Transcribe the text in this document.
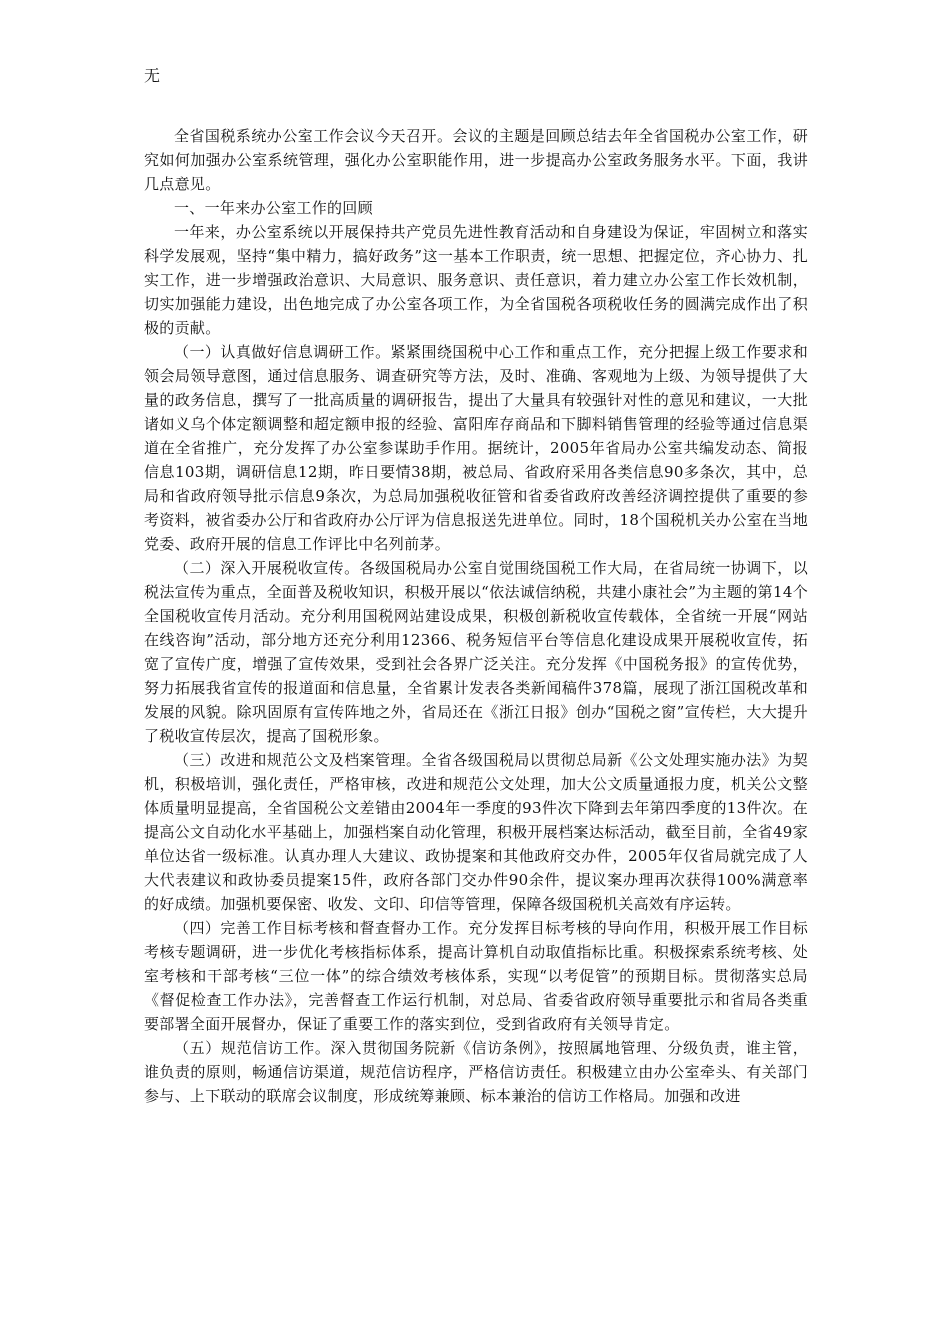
无

全省国税系统办公室工作会议今天召开。会议的主题是回顾总结去年全省国税办公室工作，研究如何加强办公室系统管理，强化办公室职能作用，进一步提高办公室政务服务水平。下面，我讲几点意见。

一、一年来办公室工作的回顾

一年来，办公室系统以开展保持共产党员先进性教育活动和自身建设为保证，牢固树立和落实科学发展观，坚持“集中精力，搞好政务”这一基本工作职责，统一思想、把握定位，齐心协力、扎实工作，进一步增强政治意识、大局意识、服务意识、责任意识，着力建立办公室工作长效机制，切实加强能力建设，出色地完成了办公室各项工作，为全省国税各项税收任务的圆满完成作出了积极的贡献。

（一）认真做好信息调研工作。紧紧围绕国税中心工作和重点工作，充分把握上级工作要求和领会局领导意图，通过信息服务、调查研究等方法，及时、准确、客观地为上级、为领导提供了大量的政务信息，撰写了一批高质量的调研报告，提出了大量具有较强针对性的意见和建议，一大批诸如义乌个体定额调整和超定额申报的经验、富阳库存商品和下脚料销售管理的经验等通过信息渠道在全省推广，充分发挥了办公室参谋助手作用。据统计，2005年省局办公室共编发动态、简报信息103期，调研信息12期，昨日要情38期，被总局、省政府采用各类信息90多条次，其中，总局和省政府领导批示信息9条次，为总局加强税收征管和省委省政府改善经济调控提供了重要的参考资料，被省委办公厅和省政府办公厅评为信息报送先进单位。同时，18个国税机关办公室在当地党委、政府开展的信息工作评比中名列前茅。

（二）深入开展税收宣传。各级国税局办公室自觉围绕国税工作大局，在省局统一协调下，以税法宣传为重点，全面普及税收知识，积极开展以“依法诚信纳税，共建小康社会”为主题的第14个全国税收宣传月活动。充分利用国税网站建设成果，积极创新税收宣传载体，全省统一开展“网站在线咨询”活动，部分地方还充分利用12366、税务短信平台等信息化建设成果开展税收宣传，拓宽了宣传广度，增强了宣传效果，受到社会各界广泛关注。充分发挥《中国税务报》的宣传优势，努力拓展我省宣传的报道面和信息量，全省累计发表各类新闻稿件378篇，展现了浙江国税改革和发展的风貌。除巩固原有宣传阵地之外，省局还在《浙江日报》创办“国税之窗”宣传栏，大大提升了税收宣传层次，提高了国税形象。

（三）改进和规范公文及档案管理。全省各级国税局以贯彻总局新《公文处理实施办法》为契机，积极培训，强化责任，严格审核，改进和规范公文处理，加大公文质量通报力度，机关公文整体质量明显提高，全省国税公文差错由2004年一季度的93件次下降到去年第四季度的13件次。在提高公文自动化水平基础上，加强档案自动化管理，积极开展档案达标活动，截至目前，全省49家单位达省一级标准。认真办理人大建议、政协提案和其他政府交办件，2005年仅省局就完成了人大代表建议和政协委员提案15件，政府各部门交办件90余件，提议案办理再次获得100%满意率的好成绩。加强机要保密、收发、文印、印信等管理，保障各级国税机关高效有序运转。

（四）完善工作目标考核和督查督办工作。充分发挥目标考核的导向作用，积极开展工作目标考核专题调研，进一步优化考核指标体系，提高计算机自动取值指标比重。积极探索系统考核、处室考核和干部考核“三位一体”的综合绩效考核体系，实现“以考促管”的预期目标。贯彻落实总局《督促检查工作办法》，完善督查工作运行机制，对总局、省委省政府领导重要批示和省局各类重要部署全面开展督办，保证了重要工作的落实到位，受到省政府有关领导肯定。

（五）规范信访工作。深入贯彻国务院新《信访条例》，按照属地管理、分级负责，谁主管，谁负责的原则，畅通信访渠道，规范信访程序，严格信访责任。积极建立由办公室牵头、有关部门参与、上下联动的联席会议制度，形成统筹兼顾、标本兼治的信访工作格局。加强和改进
